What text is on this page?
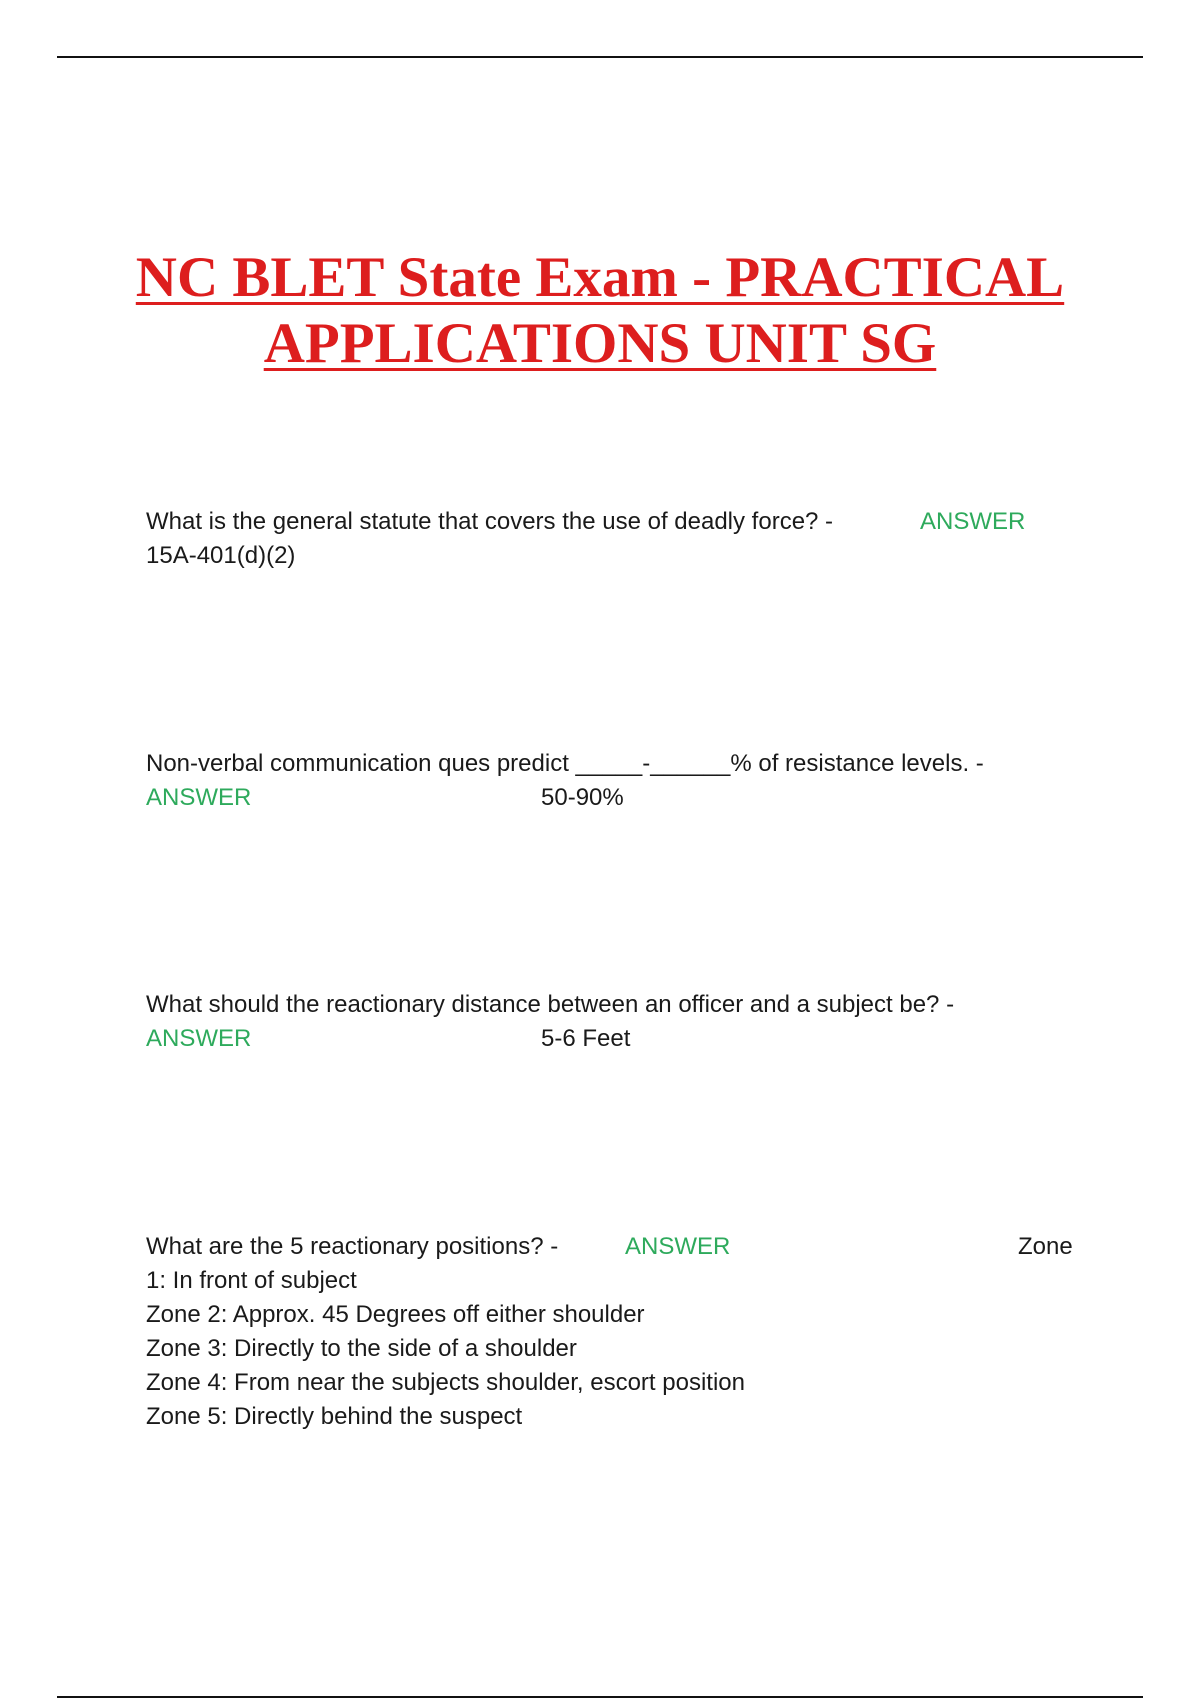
NC BLET State Exam - PRACTICAL
APPLICATIONS UNIT SG
What is the general statute that covers the use of deadly force? -	ANSWER
15A-401(d)(2)
Non-verbal communication ques predict _____-______% of resistance levels. -
ANSWER	50-90%
What should the reactionary distance between an officer and a subject be? -
ANSWER	5-6 Feet
What are the 5 reactionary positions? -	ANSWER	Zone
1: In front of subject
Zone 2: Approx. 45 Degrees off either shoulder
Zone 3: Directly to the side of a shoulder
Zone 4: From near the subjects shoulder, escort position
Zone 5: Directly behind the suspect
